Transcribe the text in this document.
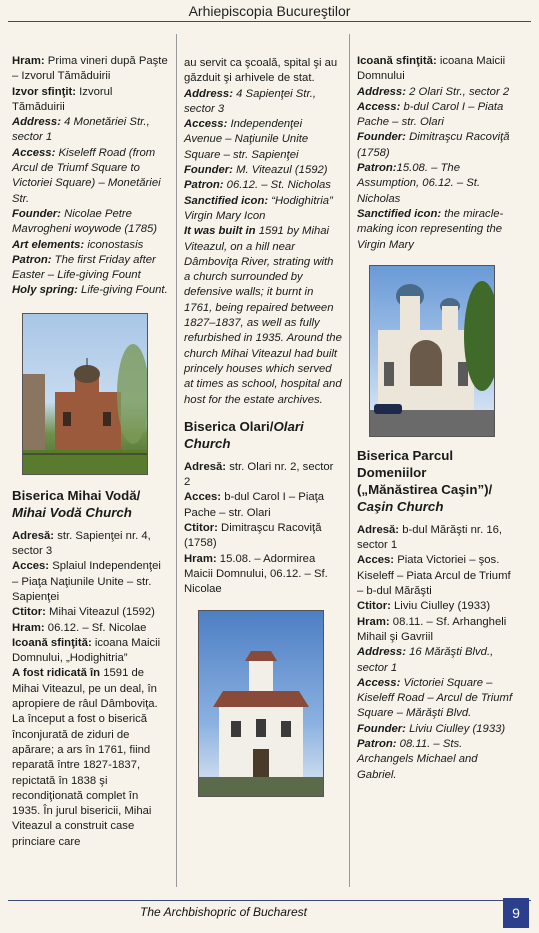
Arhiepiscopia Bucureştilor

Hram: Prima vineri după Paşte – Izvorul Tămăduirii

Izvor sfinţit: Izvorul Tămăduirii

Address: 4 Monetăriei Str., sector 1

Access: Kiseleff Road (from Arcul de Triumf Square to Victoriei Square) – Monetăriei Str.

Founder: Nicolae Petre Mavrogheni woywode (1785)

Art elements: iconostasis

Patron: The first Friday after Easter – Life-giving Fount

Holy spring: Life-giving Fount.

Biserica Mihai Vodă/
Mihai Vodă Church

Adresă: str. Sapienţei nr. 4, sector 3

Acces: Splaiul Independenţei – Piaţa Naţiunile Unite – str. Sapienţei

Ctitor: Mihai Viteazul (1592)

Hram: 06.12. – Sf. Nicolae

Icoană sfinţită: icoana Maicii Domnului, „Hodighitria”

A fost ridicată în 1591 de Mihai Viteazul, pe un deal, în apropiere de râul Dâmboviţa. La început a fost o biserică înconjurată de ziduri de apărare; a ars în 1761, fiind reparată între 1827-1837, repictată în 1838 şi recondiţionată complet în 1935. În jurul bisericii, Mihai Viteazul a construit case princiare care

au servit ca şcoală, spital şi au găzduit şi arhivele de stat.

Address: 4 Sapienţei Str., sector 3

Access: Independenţei Avenue – Naţiunile Unite Square – str. Sapienţei

Founder: M. Viteazul (1592)

Patron: 06.12. – St. Nicholas

Sanctified icon: “Hodighitria” Virgin Mary Icon

It was built in 1591 by Mihai Viteazul, on a hill near Dâmboviţa River, strating with a church surrounded by defensive walls; it burnt in 1761, being repaired between 1827–1837, as well as fully refurbished in 1935. Around the church Mihai Viteazul had built princely houses which served at times as school, hospital and host for the estate archives.

Biserica Olari/Olari Church

Adresă: str. Olari nr. 2, sector 2

Acces: b-dul Carol I – Piaţa Pache – str. Olari

Ctitor: Dimitraşcu Racoviţă (1758)

Hram: 15.08. – Adormirea Maicii Domnului, 06.12. – Sf. Nicolae

Icoană sfinţită: icoana Maicii Domnului

Address: 2 Olari Str., sector 2

Access: b-dul Carol I – Piata Pache – str. Olari

Founder: Dimitraşcu Racoviţă (1758)

Patron:15.08. – The Assumption, 06.12. – St. Nicholas

Sanctified icon: the miracle-making icon representing the Virgin Mary

Biserica Parcul Domeniilor
(„Mănăstirea Caşin”)/
Caşin Church

Adresă: b-dul Mărăşti nr. 16, sector 1

Acces: Piata Victoriei – şos. Kiseleff – Piata Arcul de Triumf – b-dul Mărăşti

Ctitor: Liviu Ciulley (1933)

Hram: 08.11. – Sf. Arhangheli Mihail şi Gavriil

Address: 16 Mărăşti Blvd., sector 1

Access: Victoriei Square – Kiseleff Road – Arcul de Triumf Square – Mărăşti Blvd.

Founder: Liviu Ciulley (1933)

Patron: 08.11. – Sts. Archangels Michael and Gabriel.

The Archbishopric of Bucharest	9
